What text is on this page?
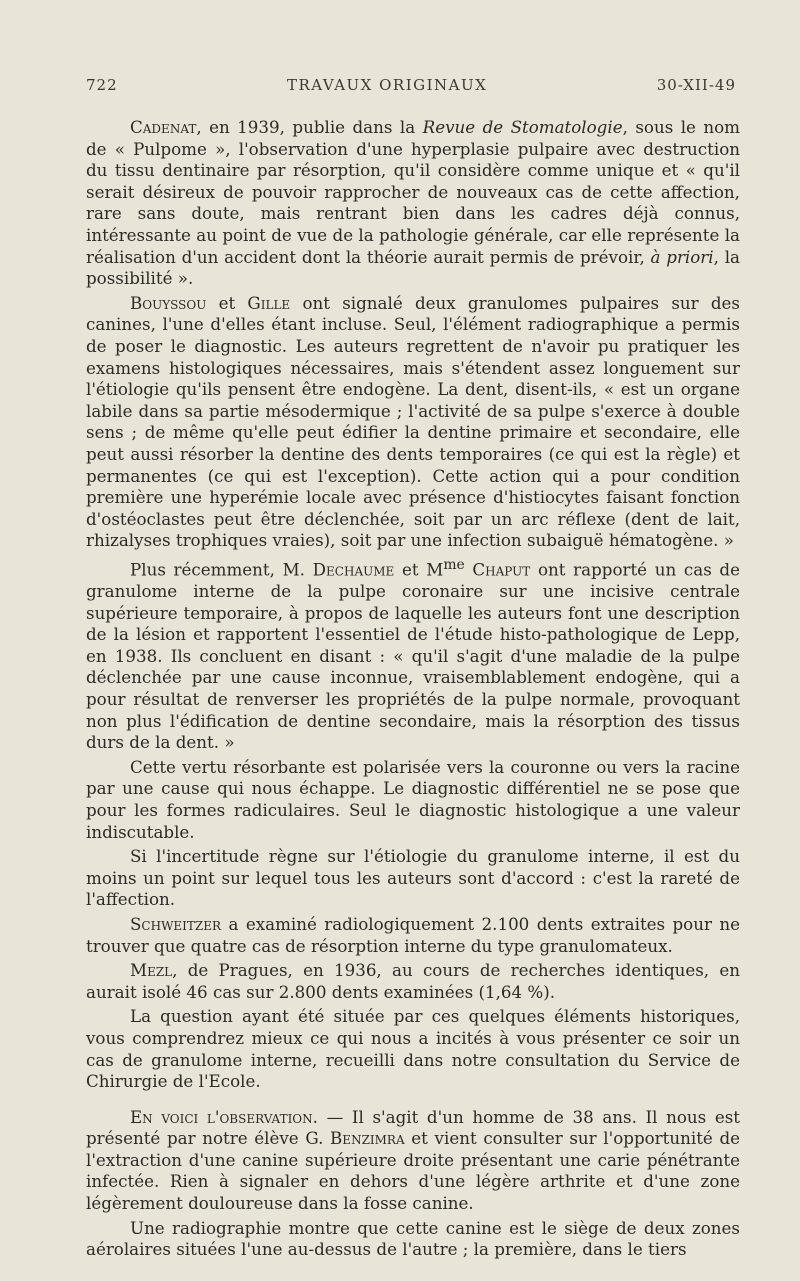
722	TRAVAUX ORIGINAUX	30-XII-49

Cadenat, en 1939, publie dans la Revue de Stomatologie, sous le nom de « Pulpome », l'observation d'une hyperplasie pulpaire avec destruction du tissu dentinaire par résorption, qu'il considère comme unique et « qu'il serait désireux de pouvoir rapprocher de nouveaux cas de cette affection, rare sans doute, mais rentrant bien dans les cadres déjà connus, intéressante au point de vue de la pathologie générale, car elle représente la réalisation d'un accident dont la théorie aurait permis de prévoir, à priori, la possibilité ».

Bouyssou et Gille ont signalé deux granulomes pulpaires sur des canines, l'une d'elles étant incluse. Seul, l'élément radiographique a permis de poser le diagnostic. Les auteurs regrettent de n'avoir pu pratiquer les examens histologiques nécessaires, mais s'étendent assez longuement sur l'étiologie qu'ils pensent être endogène. La dent, disent-ils, « est un organe labile dans sa partie mésodermique ; l'activité de sa pulpe s'exerce à double sens ; de même qu'elle peut édifier la dentine primaire et secondaire, elle peut aussi résorber la dentine des dents temporaires (ce qui est la règle) et permanentes (ce qui est l'exception). Cette action qui a pour condition première une hyperémie locale avec présence d'histiocytes faisant fonction d'ostéoclastes peut être déclenchée, soit par un arc réflexe (dent de lait, rhizalyses trophiques vraies), soit par une infection subaiguë hématogène. »

Plus récemment, M. Dechaume et $M^{me}$ Chaput ont rapporté un cas de granulome interne de la pulpe coronaire sur une incisive centrale supérieure temporaire, à propos de laquelle les auteurs font une description de la lésion et rapportent l'essentiel de l'étude histo-pathologique de Lepp, en 1938. Ils concluent en disant : « qu'il s'agit d'une maladie de la pulpe déclenchée par une cause inconnue, vraisemblablement endogène, qui a pour résultat de renverser les propriétés de la pulpe normale, provoquant non plus l'édification de dentine secondaire, mais la résorption des tissus durs de la dent. »

Cette vertu résorbante est polarisée vers la couronne ou vers la racine par une cause qui nous échappe. Le diagnostic différentiel ne se pose que pour les formes radiculaires. Seul le diagnostic histologique a une valeur indiscutable.

Si l'incertitude règne sur l'étiologie du granulome interne, il est du moins un point sur lequel tous les auteurs sont d'accord : c'est la rareté de l'affection.

Schweitzer a examiné radiologiquement 2.100 dents extraites pour ne trouver que quatre cas de résorption interne du type granulomateux.

Mezl, de Pragues, en 1936, au cours de recherches identiques, en aurait isolé 46 cas sur 2.800 dents examinées (1,64 %).

La question ayant été située par ces quelques éléments historiques, vous comprendrez mieux ce qui nous a incités à vous présenter ce soir un cas de granulome interne, recueilli dans notre consultation du Service de Chirurgie de l'Ecole.

En voici l'observation. — Il s'agit d'un homme de 38 ans. Il nous est présenté par notre élève G. Benzimra et vient consulter sur l'opportunité de l'extraction d'une canine supérieure droite présentant une carie pénétrante infectée. Rien à signaler en dehors d'une légère arthrite et d'une zone légèrement douloureuse dans la fosse canine.

Une radiographie montre que cette canine est le siège de deux zones aérolaires situées l'une au-dessus de l'autre ; la première, dans le tiers
